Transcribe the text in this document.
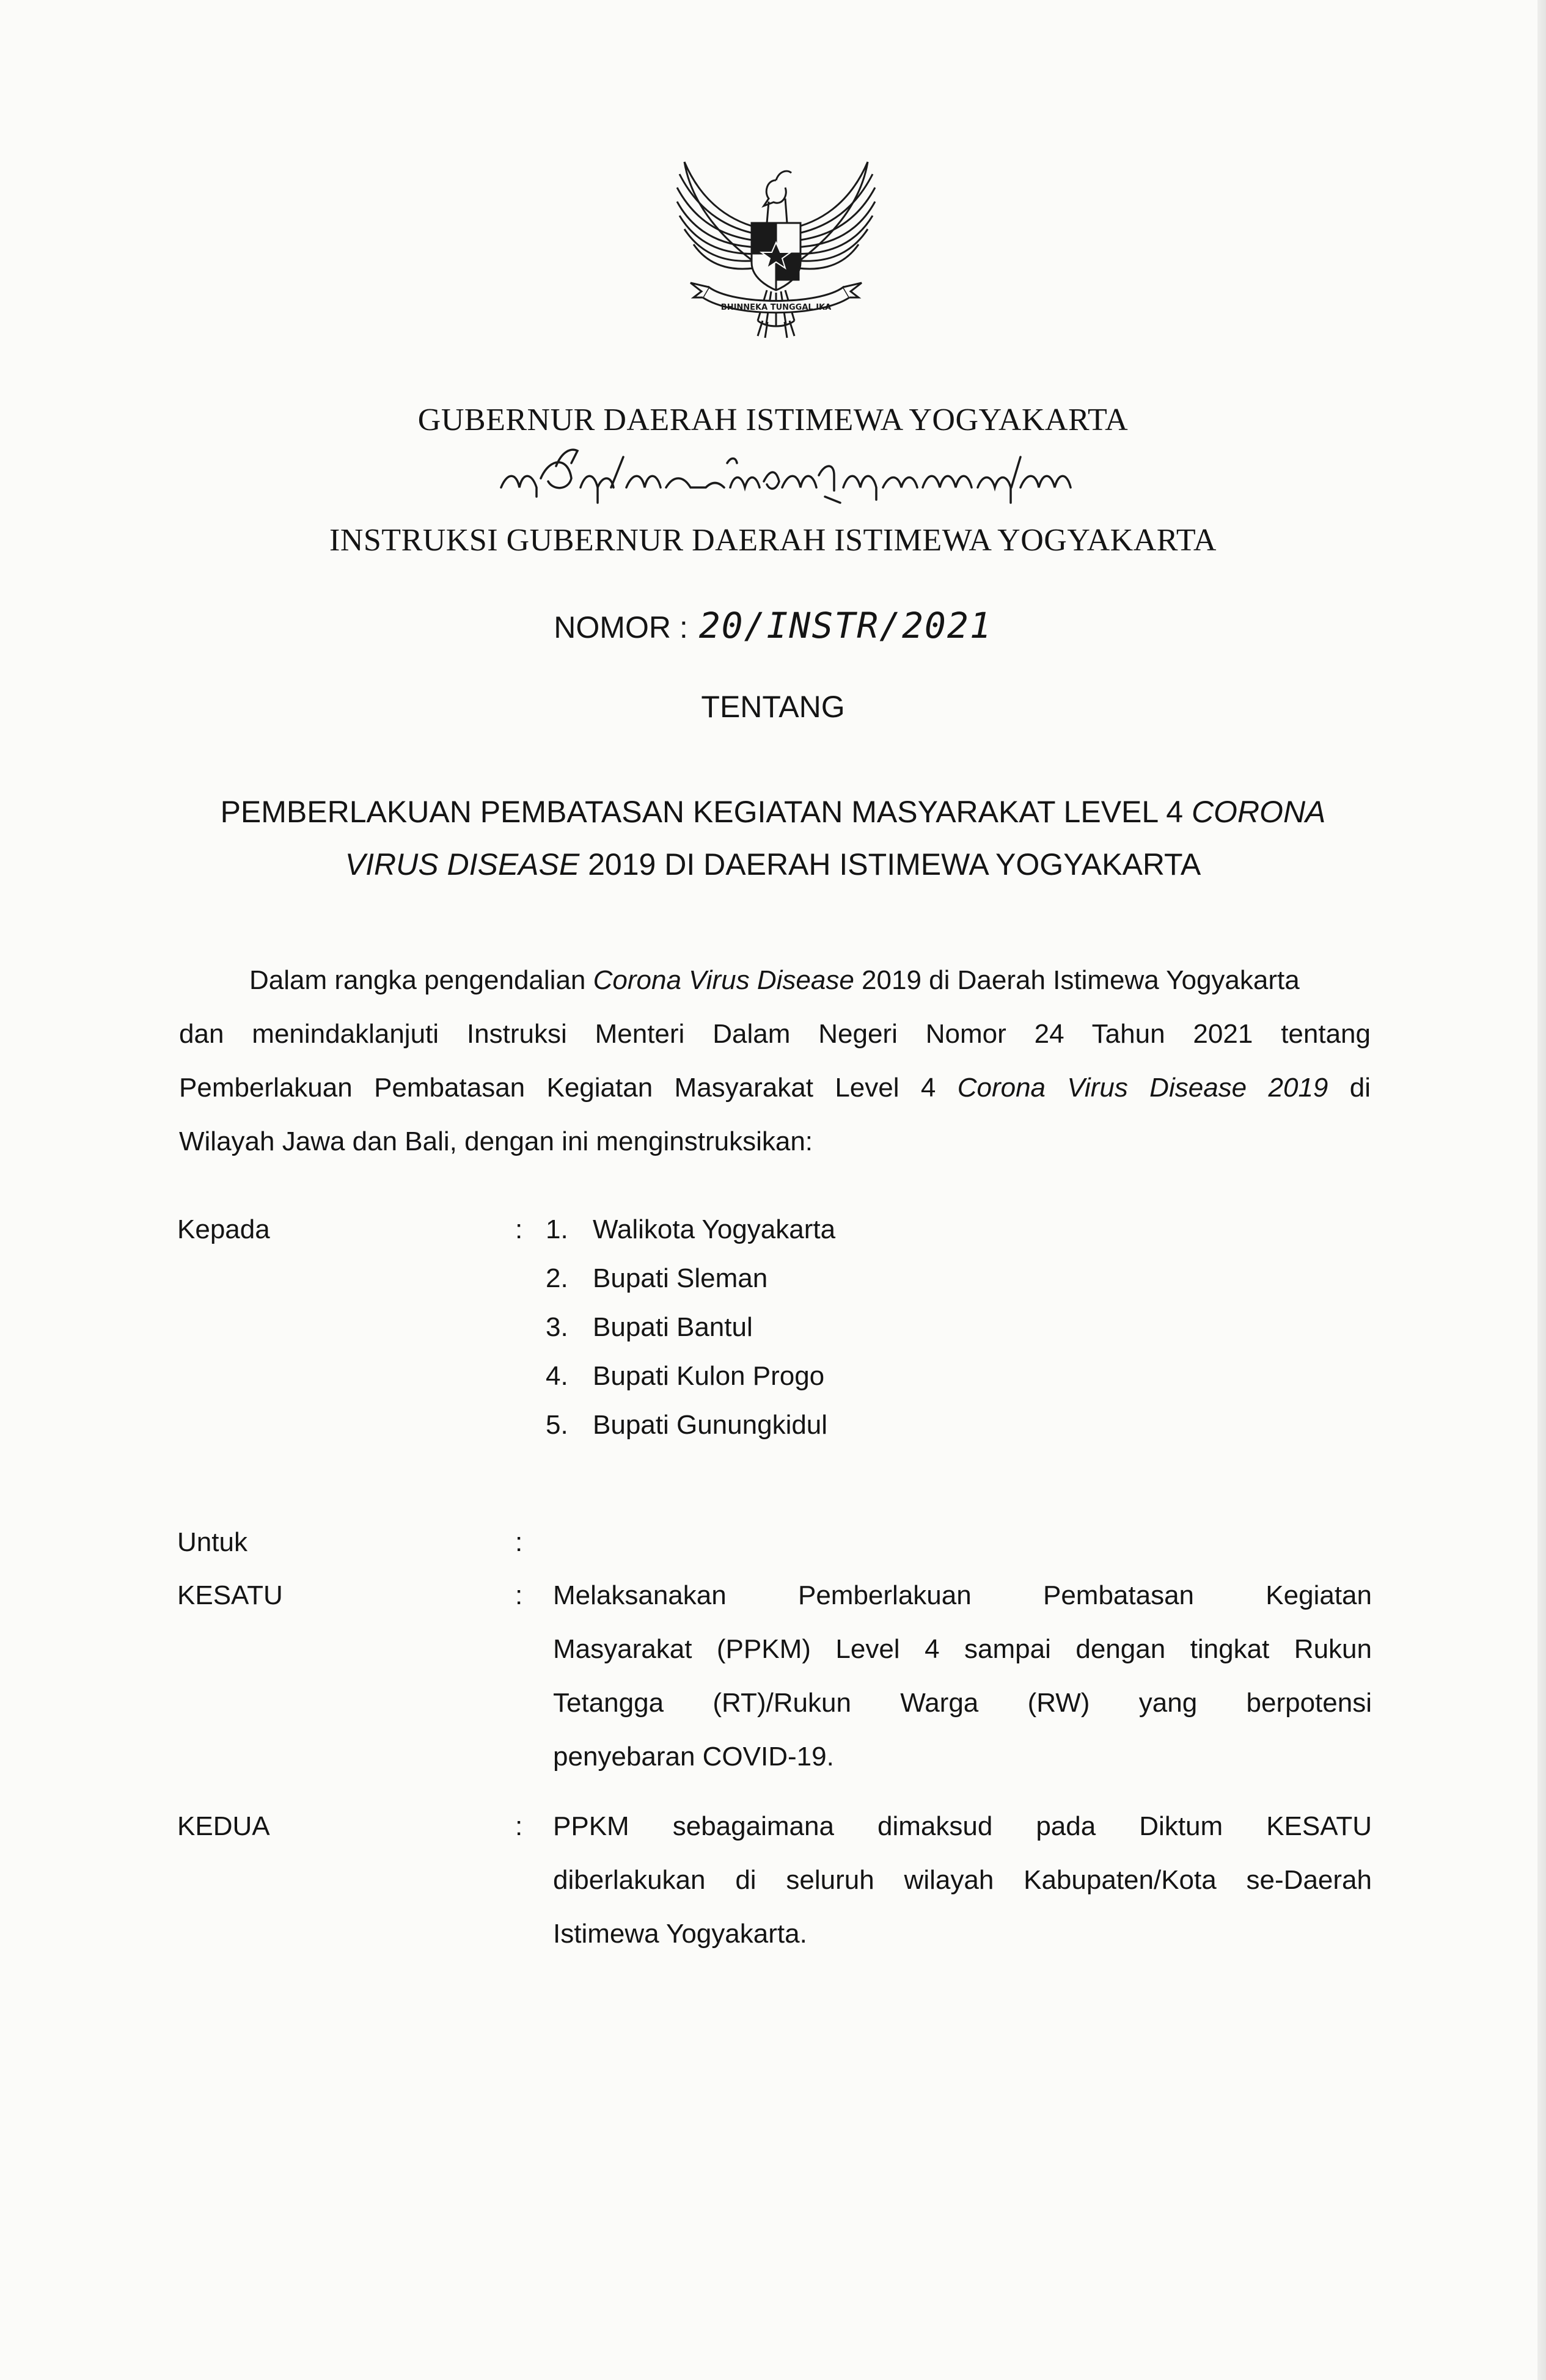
BHINNEKA TUNGGAL IKA
GUBERNUR DAERAH ISTIMEWA YOGYAKARTA
INSTRUKSI GUBERNUR DAERAH ISTIMEWA YOGYAKARTA
NOMOR : 20/INSTR/2021
TENTANG
PEMBERLAKUAN PEMBATASAN KEGIATAN MASYARAKAT LEVEL 4 CORONA
VIRUS DISEASE 2019 DI DAERAH ISTIMEWA YOGYAKARTA
Dalam rangka pengendalian Corona Virus Disease 2019 di Daerah Istimewa Yogyakarta
dan menindaklanjuti Instruksi Menteri Dalam Negeri Nomor 24 Tahun 2021 tentang
Pemberlakuan Pembatasan Kegiatan Masyarakat Level 4 Corona Virus Disease 2019 di
Wilayah Jawa dan Bali, dengan ini menginstruksikan:
Kepada	: 1. Walikota Yogyakarta
2. Bupati Sleman
3. Bupati Bantul
4. Bupati Kulon Progo
5. Bupati Gunungkidul
Untuk	:
KESATU	: Melaksanakan Pemberlakuan Pembatasan Kegiatan
Masyarakat (PPKM) Level 4 sampai dengan tingkat Rukun
Tetangga (RT)/Rukun Warga (RW) yang berpotensi
penyebaran COVID-19.
KEDUA	: PPKM sebagaimana dimaksud pada Diktum KESATU
diberlakukan di seluruh wilayah Kabupaten/Kota se-Daerah
Istimewa Yogyakarta.
